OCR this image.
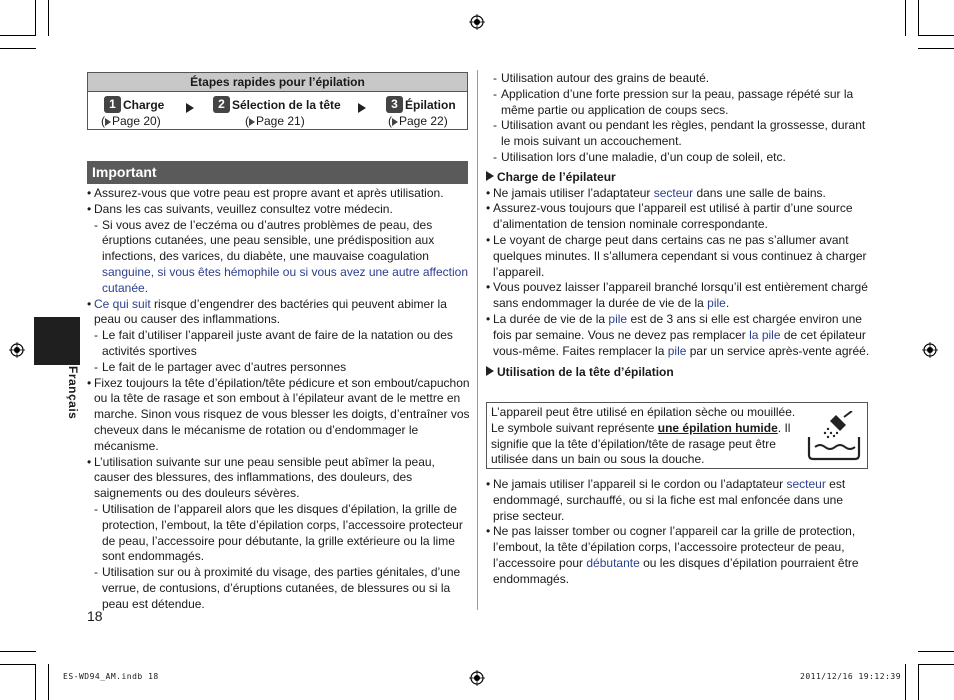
Français
Étapes rapides pour l’épilation
1 Charge
( Page 20)
2 Sélection de la tête
( Page 21)
3 Épilation
( Page 22)
Important

• Assurez-vous que votre peau est propre avant et après utilisation.

• Dans les cas suivants, veuillez consultez votre médecin.

- Si vous avez de l’eczéma ou d’autres problèmes de peau, des éruptions cutanées, une peau sensible, une prédisposition aux infections, des varices, du diabète, une mauvaise coagulation sanguine, si vous êtes hémophile ou si vous avez une autre affection cutanée.

• Ce qui suit risque d’engendrer des bactéries qui peuvent abimer la peau ou causer des inflammations.

- Le fait d’utiliser l’appareil juste avant de faire de la natation ou des activités sportives

- Le fait de le partager avec d’autres personnes

• Fixez toujours la tête d’épilation/tête pédicure et son embout/capuchon ou la tête de rasage et son embout à l’épilateur avant de le mettre en marche. Sinon vous risquez de vous blesser les doigts, d’entraîner vos cheveux dans le mécanisme de rotation ou d’endommager le mécanisme.

• L’utilisation suivante sur une peau sensible peut abîmer la peau, causer des blessures, des inflammations, des douleurs, des saignements ou des douleurs sévères.

- Utilisation de l’appareil alors que les disques d’épilation, la grille de protection, l’embout, la tête d’épilation corps, l’accessoire protecteur de peau, l’accessoire pour débutante, la grille extérieure ou la lime sont endommagés.

- Utilisation sur ou à proximité du visage, des parties génitales, d’une verrue, de contusions, d’éruptions cutanées, de blessures ou si la peau est détendue.

- Utilisation autour des grains de beauté.

- Application d’une forte pression sur la peau, passage répété sur la même partie ou application de coups secs.

- Utilisation avant ou pendant les règles, pendant la grossesse, durant le mois suivant un accouchement.

- Utilisation lors d’une maladie, d’un coup de soleil, etc.

Charge de l’épilateur

• Ne jamais utiliser l’adaptateur secteur dans une salle de bains.

• Assurez-vous toujours que l’appareil est utilisé à partir d’une source d’alimentation de tension nominale correspondante.

• Le voyant de charge peut dans certains cas ne pas s’allumer avant quelques minutes. Il s’allumera cependant si vous continuez à charger l’appareil.

• Vous pouvez laisser l’appareil branché lorsqu’il est entièrement chargé sans endommager la durée de vie de la pile.

• La durée de vie de la pile est de 3 ans si elle est chargée environ une fois par semaine. Vous ne devez pas remplacer la pile de cet épilateur vous-même. Faites remplacer la pile par un service après-vente agréé.

Utilisation de la tête d’épilation

L’appareil peut être utilisé en épilation sèche ou mouillée.
Le symbole suivant représente une épilation humide. Il signifie que la tête d’épilation/tête de rasage peut être utilisée dans un bain ou sous la douche.

• Ne jamais utiliser l’appareil si le cordon ou l’adaptateur secteur est endommagé, surchauffé, ou si la fiche est mal enfoncée dans une prise secteur.

• Ne pas laisser tomber ou cogner l’appareil car la grille de protection, l’embout, la tête d’épilation corps, l’accessoire protecteur de peau, l’accessoire pour débutante ou les disques d’épilation pourraient être endommagés.

18
ES-WD94_AM.indb 18	2011/12/16 19:12:39
